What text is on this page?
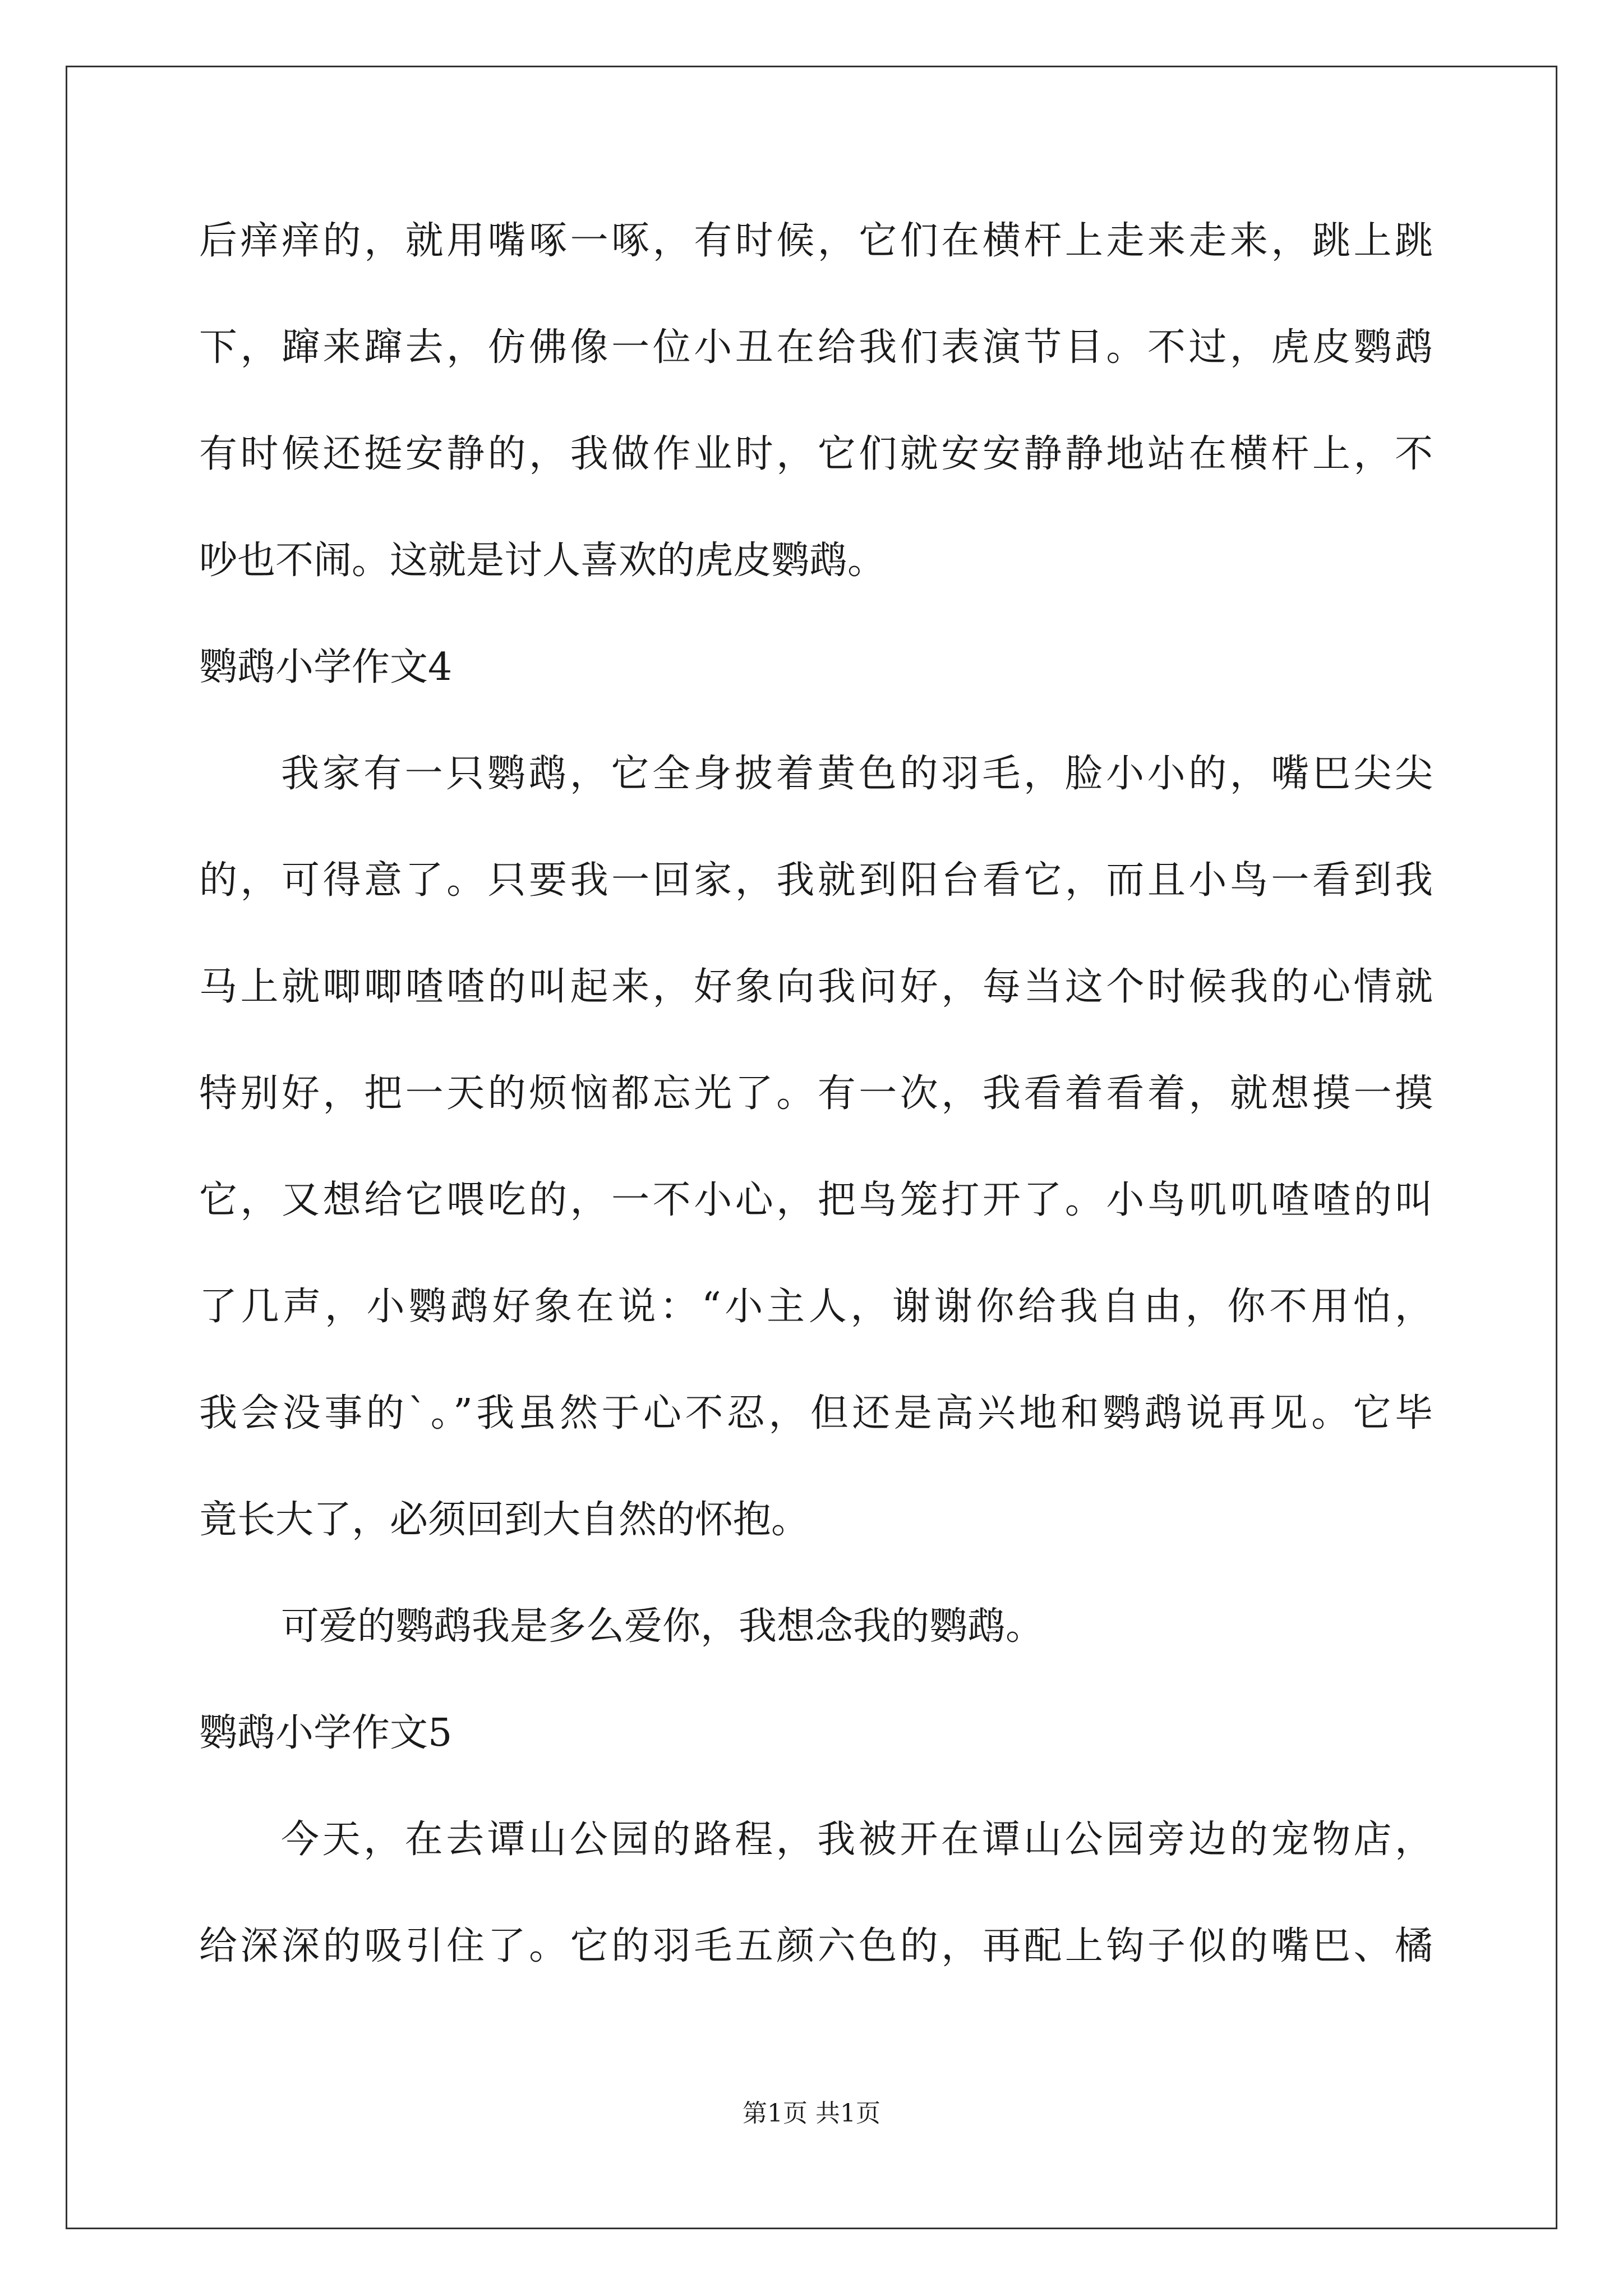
后痒痒的，就用嘴啄一啄，有时候，它们在横杆上走来走来，跳上跳
下，蹿来蹿去，仿佛像一位小丑在给我们表演节目。不过，虎皮鹦鹉
有时候还挺安静的，我做作业时，它们就安安静静地站在横杆上，不
吵也不闹。这就是讨人喜欢的虎皮鹦鹉。
鹦鹉小学作文4
我家有一只鹦鹉，它全身披着黄色的羽毛，脸小小的，嘴巴尖尖
的，可得意了。只要我一回家，我就到阳台看它，而且小鸟一看到我
马上就唧唧喳喳的叫起来，好象向我问好，每当这个时候我的心情就
特别好，把一天的烦恼都忘光了。有一次，我看着看着，就想摸一摸
它，又想给它喂吃的，一不小心，把鸟笼打开了。小鸟叽叽喳喳的叫
了几声，小鹦鹉好象在说：“小主人，谢谢你给我自由，你不用怕，
我会没事的`。”我虽然于心不忍，但还是高兴地和鹦鹉说再见。它毕
竟长大了，必须回到大自然的怀抱。
可爱的鹦鹉我是多么爱你，我想念我的鹦鹉。
鹦鹉小学作文5
今天，在去谭山公园的路程，我被开在谭山公园旁边的宠物店，
给深深的吸引住了。它的羽毛五颜六色的，再配上钩子似的嘴巴、橘
第1页 共1页
